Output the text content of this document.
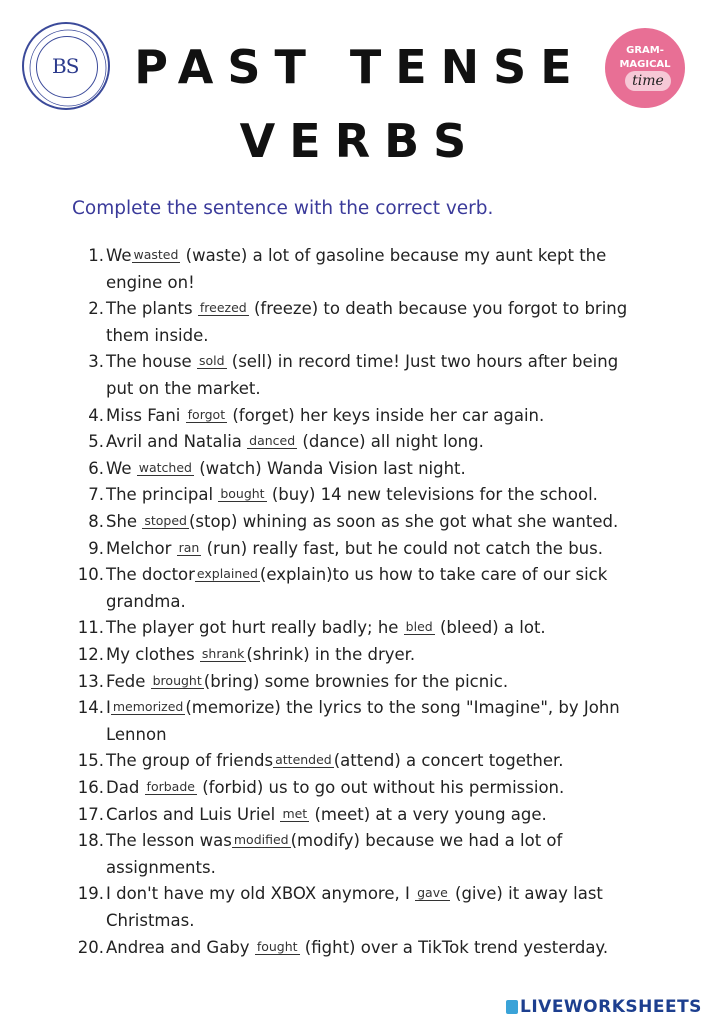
BS
GRAM-
MAGICAL
time
PAST TENSE
VERBS
Complete the sentence with the correct verb.
1. We wasted (waste) a lot of gasoline because my aunt kept the
engine on!
2. The plants freezed (freeze) to death because you forgot to bring
them inside.
3. The house sold (sell) in record time! Just two hours after being
put on the market.
4. Miss Fani forgot (forget) her keys inside her car again.
5. Avril and Natalia danced (dance) all night long.
6. We watched (watch) Wanda Vision last night.
7. The principal bought (buy) 14 new televisions for the school.
8. She stoped (stop) whining as soon as she got what she wanted.
9. Melchor ran (run) really fast, but he could not catch the bus.
10. The doctor explained (explain)to us how to take care of our sick
grandma.
11. The player got hurt really badly; he bled (bleed) a lot.
12. My clothes shrank (shrink) in the dryer.
13. Fede brought (bring) some brownies for the picnic.
14. I memorized (memorize) the lyrics to the song "Imagine", by John
Lennon
15. The group of friends attended (attend) a concert together.
16. Dad forbade (forbid) us to go out without his permission.
17. Carlos and Luis Uriel met (meet) at a very young age.
18. The lesson was modified (modify) because we had a lot of
assignments.
19. I don't have my old XBOX anymore, I gave (give) it away last
Christmas.
20. Andrea and Gaby fought (fight) over a TikTok trend yesterday.
LIVEWORKSHEETS
